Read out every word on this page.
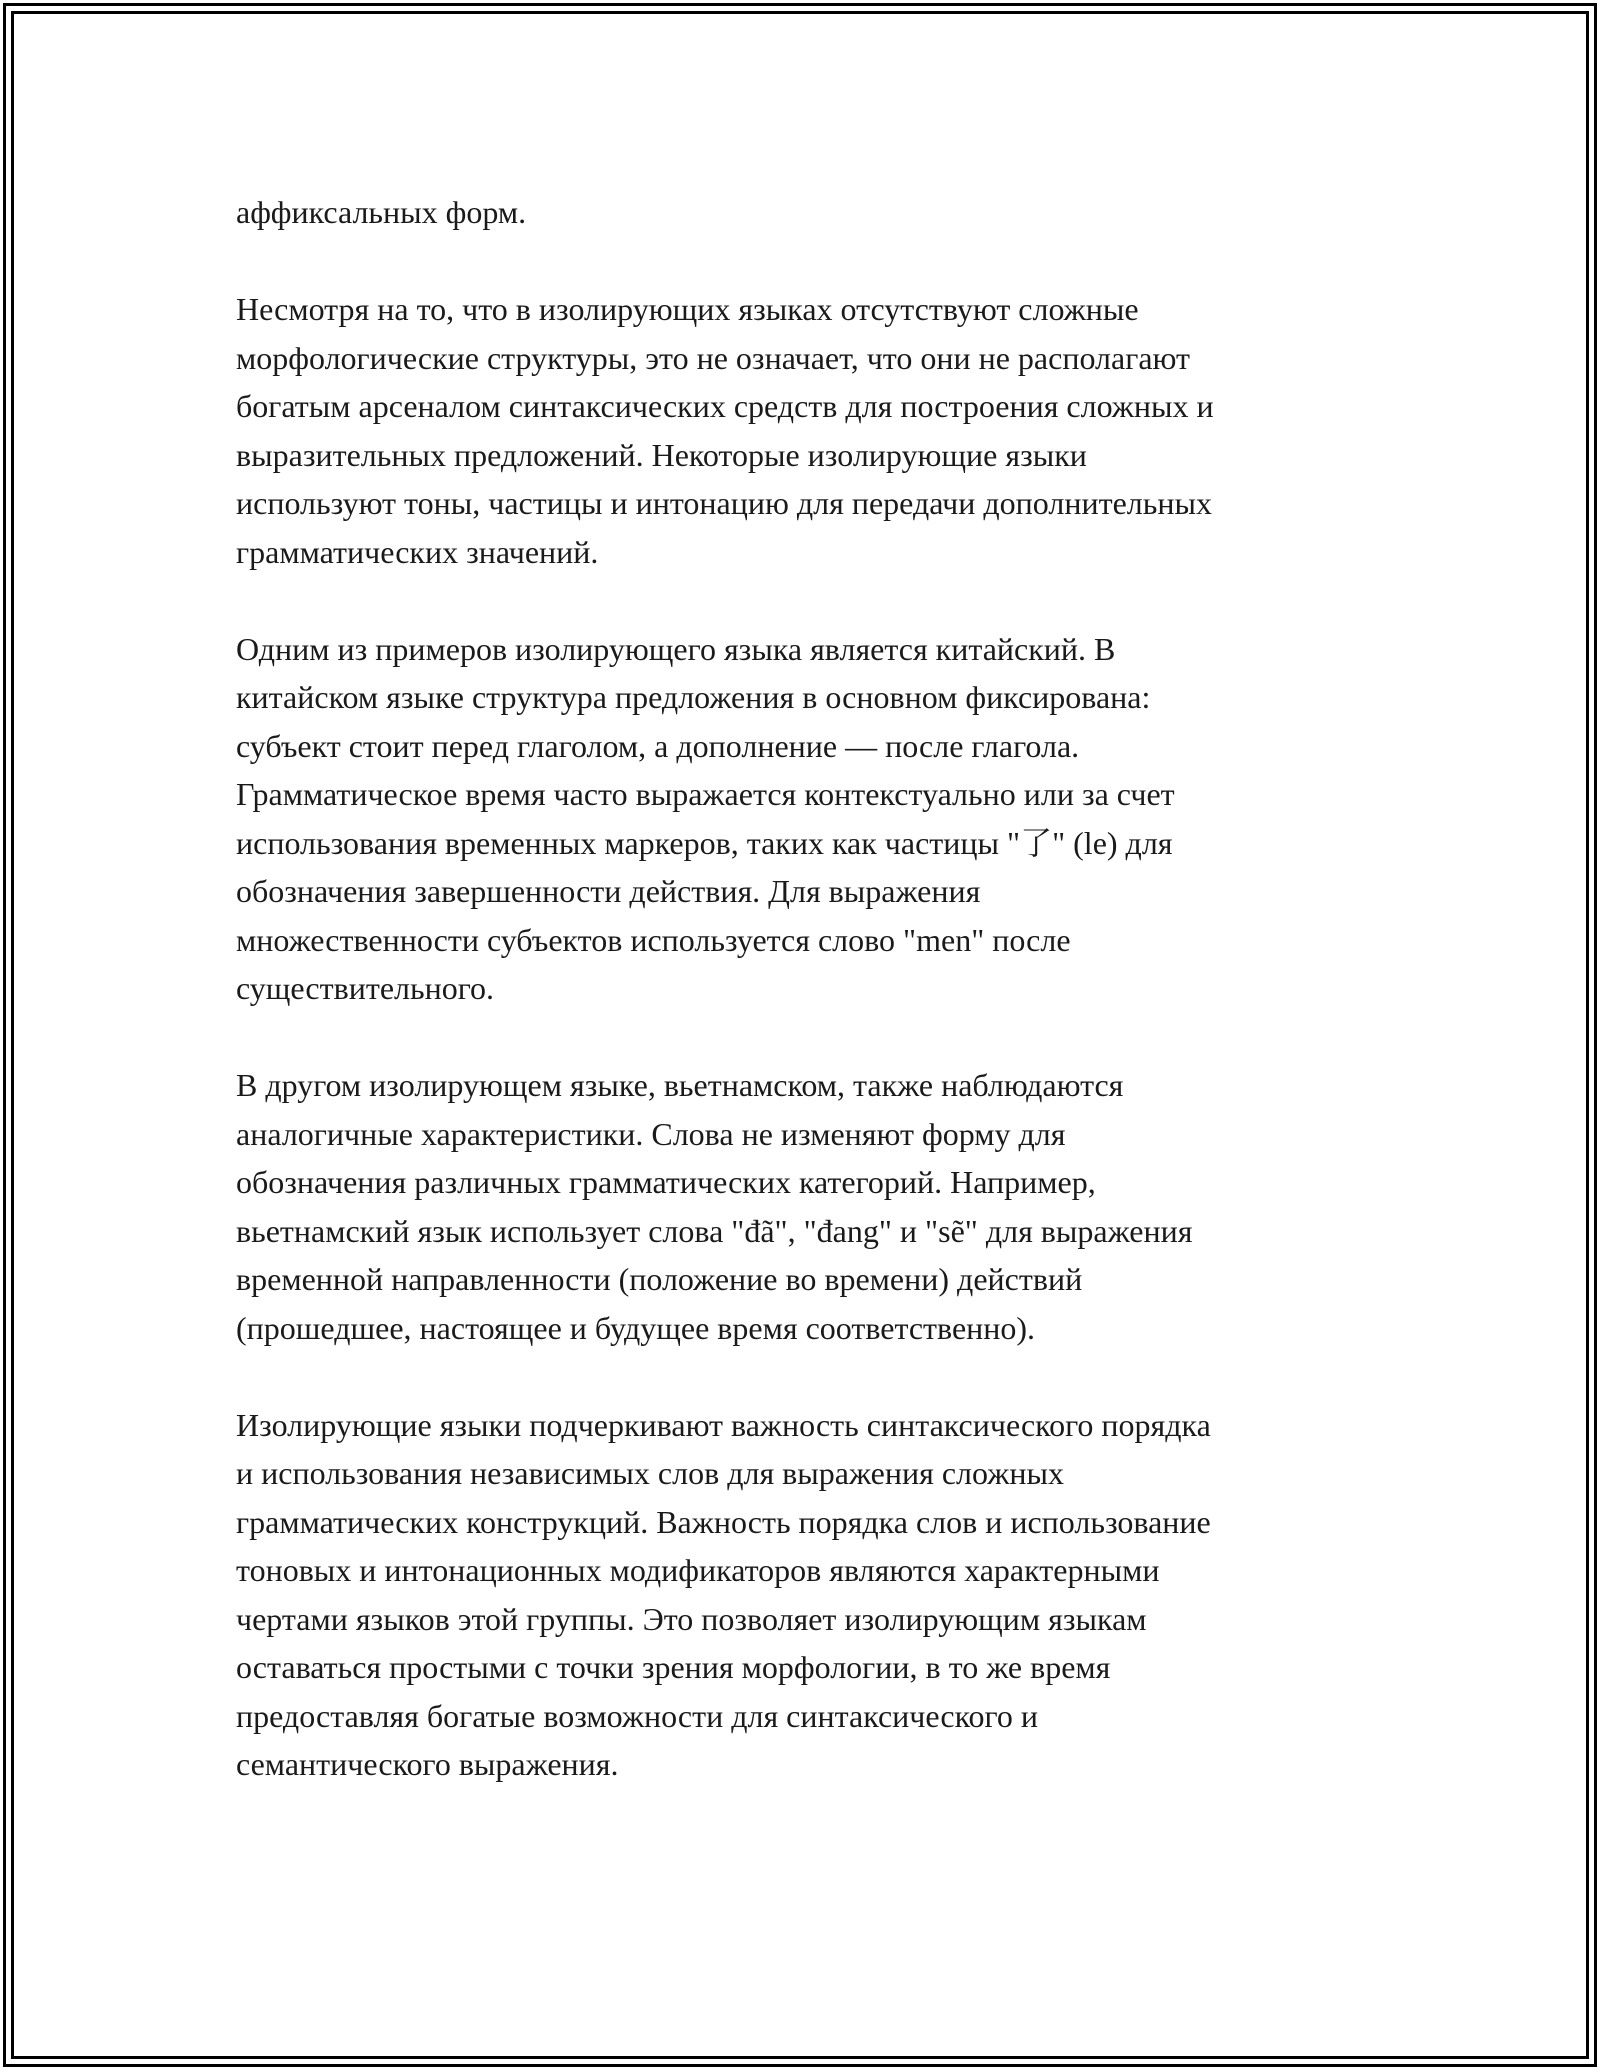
аффиксальных форм.

Несмотря на то, что в изолирующих языках отсутствуют сложные
морфологические структуры, это не означает, что они не располагают
богатым арсеналом синтаксических средств для построения сложных и
выразительных предложений. Некоторые изолирующие языки
используют тоны, частицы и интонацию для передачи дополнительных
грамматических значений.

Одним из примеров изолирующего языка является китайский. В
китайском языке структура предложения в основном фиксирована:
субъект стоит перед глаголом, а дополнение — после глагола.
Грамматическое время часто выражается контекстуально или за счет
использования временных маркеров, таких как частицы "了" (le) для
обозначения завершенности действия. Для выражения
множественности субъектов используется слово "men" после
существительного.

В другом изолирующем языке, вьетнамском, также наблюдаются
аналогичные характеристики. Слова не изменяют форму для
обозначения различных грамматических категорий. Например,
вьетнамский язык использует слова "đã", "đang" и "sẽ" для выражения
временной направленности (положение во времени) действий
(прошедшее, настоящее и будущее время соответственно).

Изолирующие языки подчеркивают важность синтаксического порядка
и использования независимых слов для выражения сложных
грамматических конструкций. Важность порядка слов и использование
тоновых и интонационных модификаторов являются характерными
чертами языков этой группы. Это позволяет изолирующим языкам
оставаться простыми с точки зрения морфологии, в то же время
предоставляя богатые возможности для синтаксического и
семантического выражения.
